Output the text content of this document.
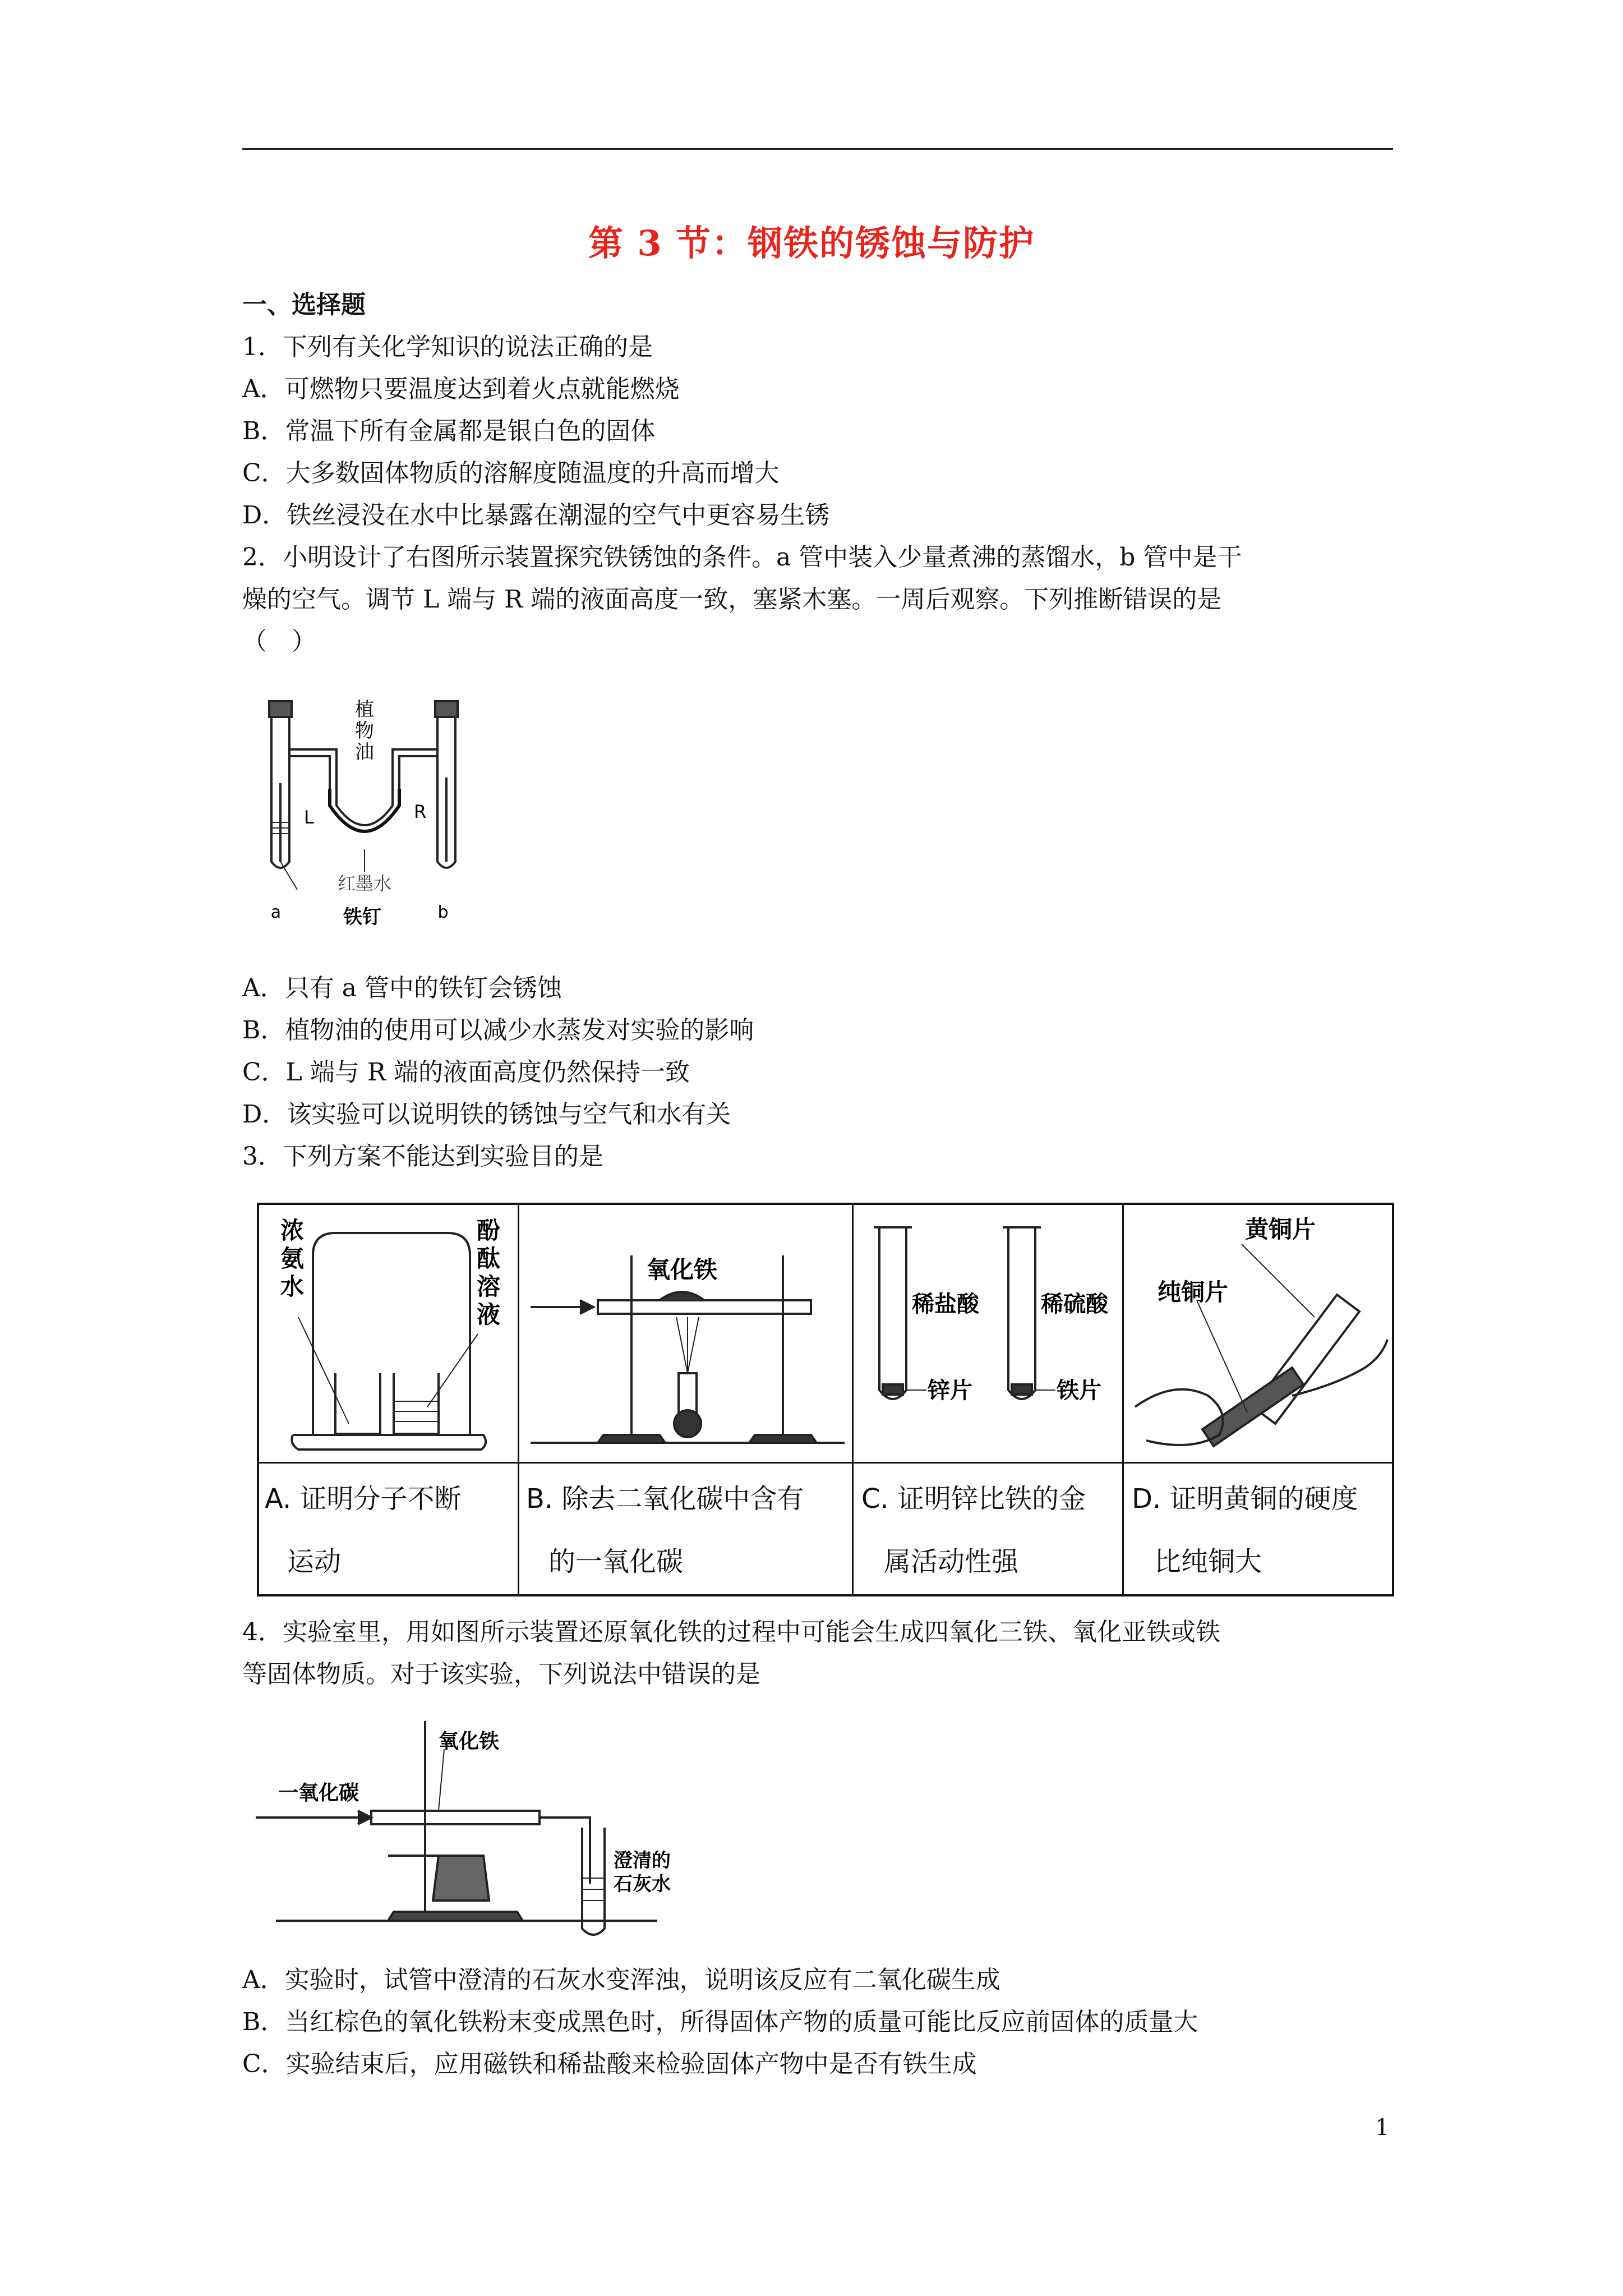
第 3 节：钢铁的锈蚀与防护
一、选择题
1．下列有关化学知识的说法正确的是
A．可燃物只要温度达到着火点就能燃烧
B．常温下所有金属都是银白色的固体
C．大多数固体物质的溶解度随温度的升高而增大
D．铁丝浸没在水中比暴露在潮湿的空气中更容易生锈
2．小明设计了右图所示装置探究铁锈蚀的条件。a 管中装入少量煮沸的蒸馏水，b 管中是干
燥的空气。调节 L 端与 R 端的液面高度一致，塞紧木塞。一周后观察。下列推断错误的是
（　）
植
物
油
L	R
红墨水
a	b
铁钉
A．只有 a 管中的铁钉会锈蚀
B．植物油的使用可以减少水蒸发对实验的影响
C．L 端与 R 端的液面高度仍然保持一致
D．该实验可以说明铁的锈蚀与空气和水有关
3．下列方案不能达到实验目的是
浓
氨
水
酚
酞
溶
液
氧化铁
稀盐酸	稀硫酸
锌片	铁片
黄铜片
纯铜片
A. 证明分子不断
运动
B. 除去二氧化碳中含有
的一氧化碳
C. 证明锌比铁的金
属活动性强
D. 证明黄铜的硬度
比纯铜大
4．实验室里，用如图所示装置还原氧化铁的过程中可能会生成四氧化三铁、氧化亚铁或铁
等固体物质。对于该实验，下列说法中错误的是
一氧化碳
氧化铁
澄清的
石灰水
A．实验时，试管中澄清的石灰水变浑浊，说明该反应有二氧化碳生成
B．当红棕色的氧化铁粉末变成黑色时，所得固体产物的质量可能比反应前固体的质量大
C．实验结束后，应用磁铁和稀盐酸来检验固体产物中是否有铁生成
1
